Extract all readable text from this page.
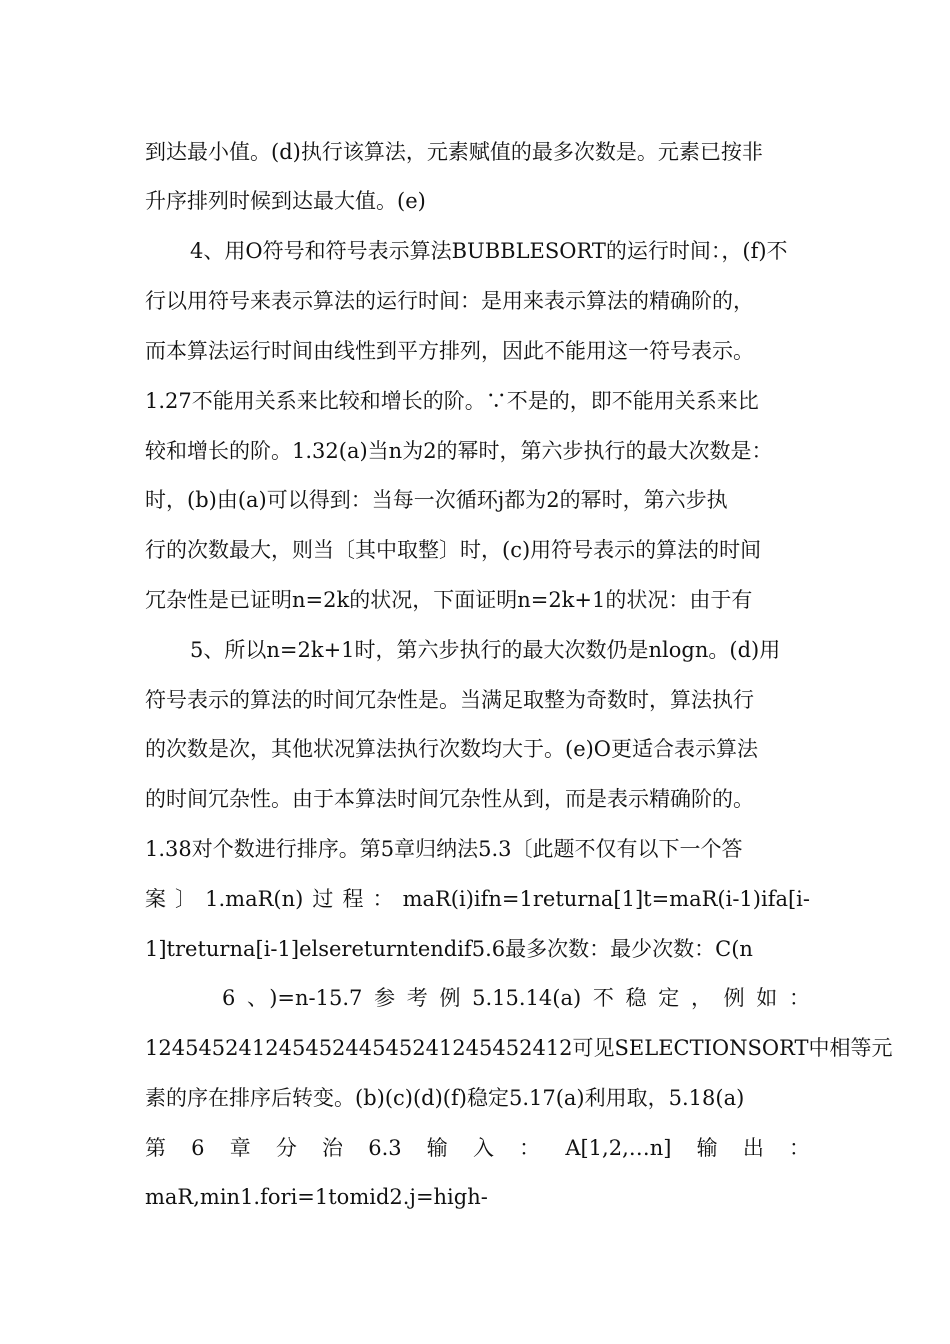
到达最小值。(d)执行该算法，元素赋值的最多次数是。元素已按非
升序排列时候到达最大值。(e)
4、用O符号和符号表示算法BUBBLESORT的运行时间：，(f)不
行以用符号来表示算法的运行时间：是用来表示算法的精确阶的，
而本算法运行时间由线性到平方排列，因此不能用这一符号表示。
1.27不能用关系来比较和增长的阶。∵不是的，即不能用关系来比
较和增长的阶。1.32(a)当n为2的幂时，第六步执行的最大次数是：
时，(b)由(a)可以得到：当每一次循环j都为2的幂时，第六步执
行的次数最大，则当〔其中取整〕时，(c)用符号表示的算法的时间
冗杂性是已证明n=2k的状况，下面证明n=2k+1的状况：由于有
5、所以n=2k+1时，第六步执行的最大次数仍是nlogn。(d)用
符号表示的算法的时间冗杂性是。当满足取整为奇数时，算法执行
的次数是次，其他状况算法执行次数均大于。(e)O更适合表示算法
的时间冗杂性。由于本算法时间冗杂性从到，而是表示精确阶的。
1.38对个数进行排序。第5章归纳法5.3〔此题不仅有以下一个答
案〕1.maR(n)过程：maR(i)ifn=1returna[1]t=maR(i-1)ifa[i-
1]treturna[i-1]elsereturntendif5.6最多次数：最少次数：C(n
6、)=n-15.7参考例5.15.14(a)不稳定，例如：
12454524124545244545241245452412可见SELECTIONSORT中相等元
素的序在排序后转变。(b)(c)(d)(f)稳定5.17(a)利用取，5.18(a)
第6章分治6.3输入：A[1,2,…n]输出：
maR,min1.fori=1tomid2.j=high-
